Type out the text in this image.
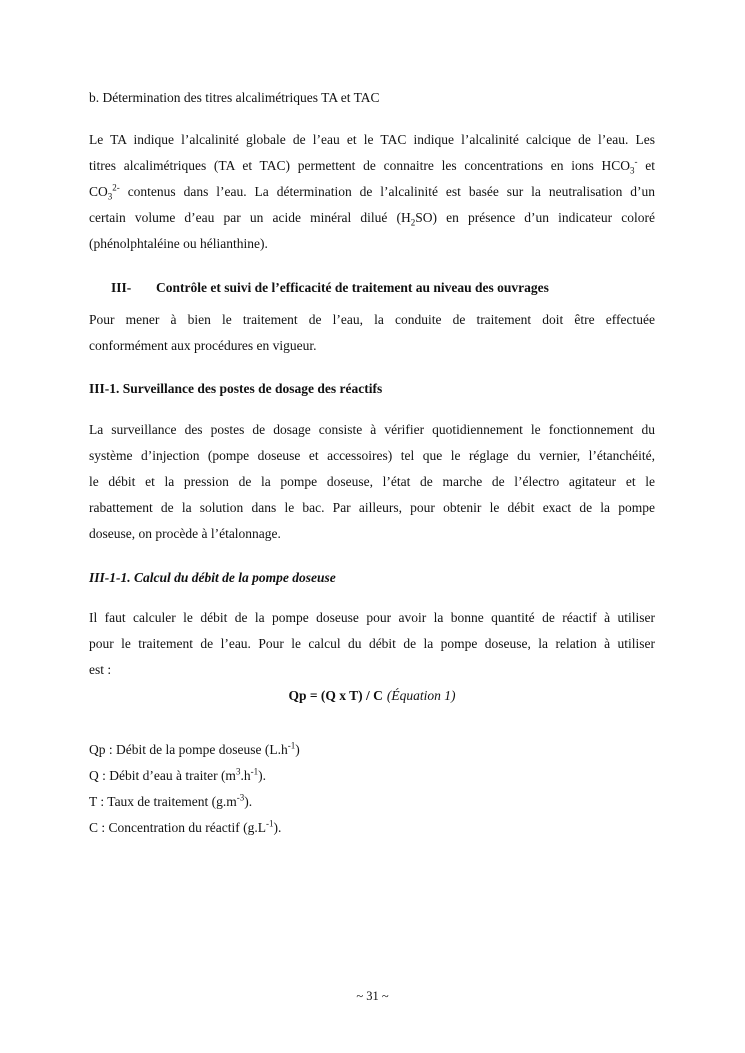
b. Détermination des titres alcalimétriques TA et TAC

Le TA indique l’alcalinité globale de l’eau et le TAC indique l’alcalinité calcique de l’eau. Les
titres alcalimétriques (TA et TAC) permettent de connaitre les concentrations en ions $HCO_3^-$ et
$CO_3^{2-}$ contenus dans l’eau. La détermination de l’alcalinité est basée sur la neutralisation d’un
certain volume d’eau par un acide minéral dilué $(H_2SO)$ en présence d’un indicateur coloré
(phénolphtaléine ou hélianthine).
III- Contrôle et suivi de l’efficacité de traitement au niveau des ouvrages
Pour mener à bien le traitement de l’eau, la conduite de traitement doit être effectuée
conformément aux procédures en vigueur.

III-1. Surveillance des postes de dosage des réactifs

La surveillance des postes de dosage consiste à vérifier quotidiennement le fonctionnement du
système d’injection (pompe doseuse et accessoires) tel que le réglage du vernier, l’étanchéité,
le débit et la pression de la pompe doseuse, l’état de marche de l’électro agitateur et le
rabattement de la solution dans le bac. Par ailleurs, pour obtenir le débit exact de la pompe
doseuse, on procède à l’étalonnage.

III-1-1. Calcul du débit de la pompe doseuse

Il faut calculer le débit de la pompe doseuse pour avoir la bonne quantité de réactif à utiliser
pour le traitement de l’eau. Pour le calcul du débit de la pompe doseuse, la relation à utiliser
est :
Qp = (Q x T) / C (Équation 1)
Qp : Débit de la pompe doseuse $(L.h^{-1})$
Q : Débit d’eau à traiter $(m^3.h^{-1})$.
T : Taux de traitement $(g.m^{-3})$.
C : Concentration du réactif $(g.L^{-1})$.
~ 31 ~
